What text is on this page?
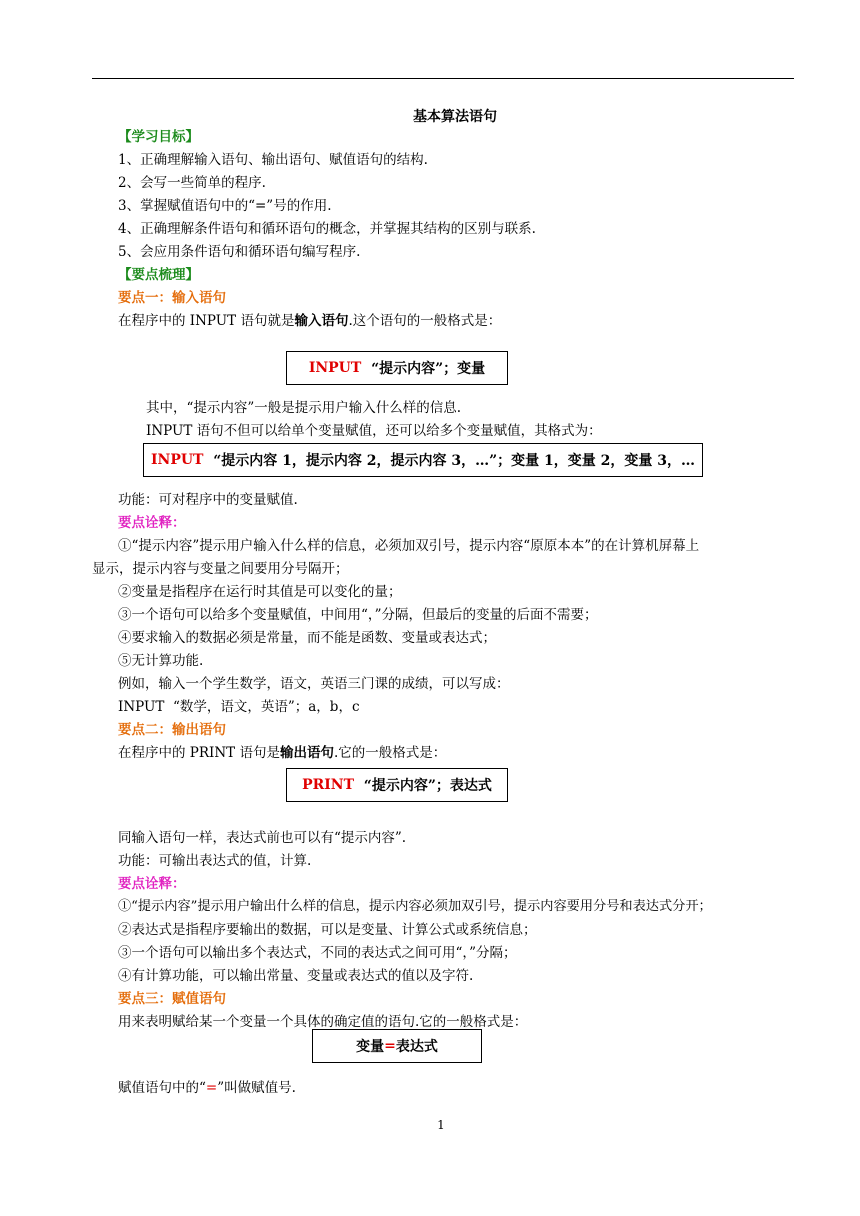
基本算法语句
【学习目标】
1、正确理解输入语句、输出语句、赋值语句的结构.
2、会写一些简单的程序.
3、掌握赋值语句中的“=”号的作用.
4、正确理解条件语句和循环语句的概念，并掌握其结构的区别与联系.
5、会应用条件语句和循环语句编写程序.
【要点梳理】
要点一：输入语句
在程序中的 INPUT 语句就是输入语句.这个语句的一般格式是：
INPUT
“提示内容”；变量
其中，“提示内容”一般是提示用户输入什么样的信息.
INPUT 语句不但可以给单个变量赋值，还可以给多个变量赋值，其格式为：
INPUT
“提示内容 1，提示内容 2，提示内容 3，…”；变量 1，变量 2，变量 3，…
功能：可对程序中的变量赋值.
要点诠释：
①“提示内容”提示用户输入什么样的信息，必须加双引号，提示内容“原原本本”的在计算机屏幕上
显示，提示内容与变量之间要用分号隔开；
②变量是指程序在运行时其值是可以变化的量；
③一个语句可以给多个变量赋值，中间用“，”分隔，但最后的变量的后面不需要；
④要求输入的数据必须是常量，而不能是函数、变量或表达式；
⑤无计算功能.
例如，输入一个学生数学，语文，英语三门课的成绩，可以写成：
INPUT  “数学，语文，英语”；a，b，c
要点二：输出语句
在程序中的 PRINT 语句是输出语句.它的一般格式是：
PRINT
“提示内容”；表达式
同输入语句一样，表达式前也可以有“提示内容”.
功能：可输出表达式的值，计算.
要点诠释：
①“提示内容”提示用户输出什么样的信息，提示内容必须加双引号，提示内容要用分号和表达式分开；
②表达式是指程序要输出的数据，可以是变量、计算公式或系统信息；
③一个语句可以输出多个表达式，不同的表达式之间可用“，”分隔；
④有计算功能，可以输出常量、变量或表达式的值以及字符.
要点三：赋值语句
用来表明赋给某一个变量一个具体的确定值的语句.它的一般格式是：
变量 = 表达式
赋值语句中的“=”叫做赋值号.
1
